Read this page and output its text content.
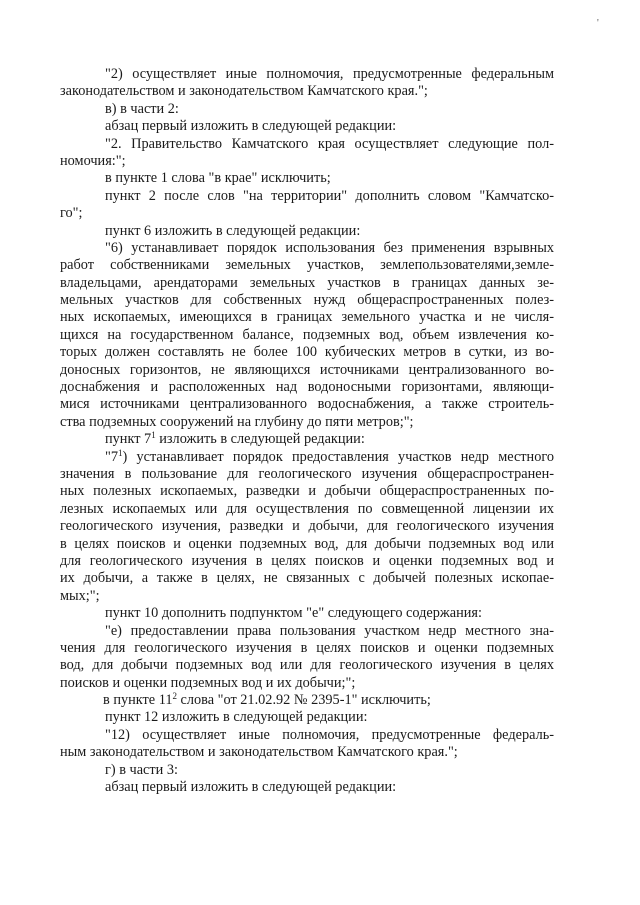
'
"2) осуществляет иные полномочия, предусмотренные федеральным
законодательством и законодательством Камчатского края.";
в) в части 2:
абзац первый изложить в следующей редакции:
"2. Правительство Камчатского края осуществляет следующие пол-
номочия:";
в пункте 1 слова "в крае" исключить;
пункт 2 после слов "на территории" дополнить словом "Камчатско-
го";
пункт 6 изложить в следующей редакции:
"6) устанавливает порядок использования без применения взрывных
работ собственниками земельных участков, землепользователями,земле-
владельцами, арендаторами земельных участков в границах данных зе-
мельных участков для собственных нужд общераспространенных полез-
ных ископаемых, имеющихся в границах земельного участка и не числя-
щихся на государственном балансе, подземных вод, объем извлечения ко-
торых должен составлять не более 100 кубических метров в сутки, из во-
доносных горизонтов, не являющихся источниками централизованного во-
доснабжения и расположенных над водоносными горизонтами, являющи-
мися источниками централизованного водоснабжения, а также строитель-
ства подземных сооружений на глубину до пяти метров;";
пункт $7^1$ изложить в следующей редакции:
"$7^1$) устанавливает порядок предоставления участков недр местного
значения в пользование для геологического изучения общераспространен-
ных полезных ископаемых, разведки и добычи общераспространенных по-
лезных ископаемых или для осуществления по совмещенной лицензии их
геологического изучения, разведки и добычи, для геологического изучения
в целях поисков и оценки подземных вод, для добычи подземных вод или
для геологического изучения в целях поисков и оценки подземных вод и
их добычи, а также в целях, не связанных с добычей полезных ископае-
мых;";
пункт 10 дополнить подпунктом "е" следующего содержания:
"е) предоставлении права пользования участком недр местного зна-
чения для геологического изучения в целях поисков и оценки подземных
вод, для добычи подземных вод или для геологического изучения в целях
поисков и оценки подземных вод и их добычи;";
в пункте $11^2$ слова "от 21.02.92 № 2395-1" исключить;
пункт 12 изложить в следующей редакции:
"12) осуществляет иные полномочия, предусмотренные федераль-
ным законодательством и законодательством Камчатского края.";
г) в части 3:
абзац первый изложить в следующей редакции:
